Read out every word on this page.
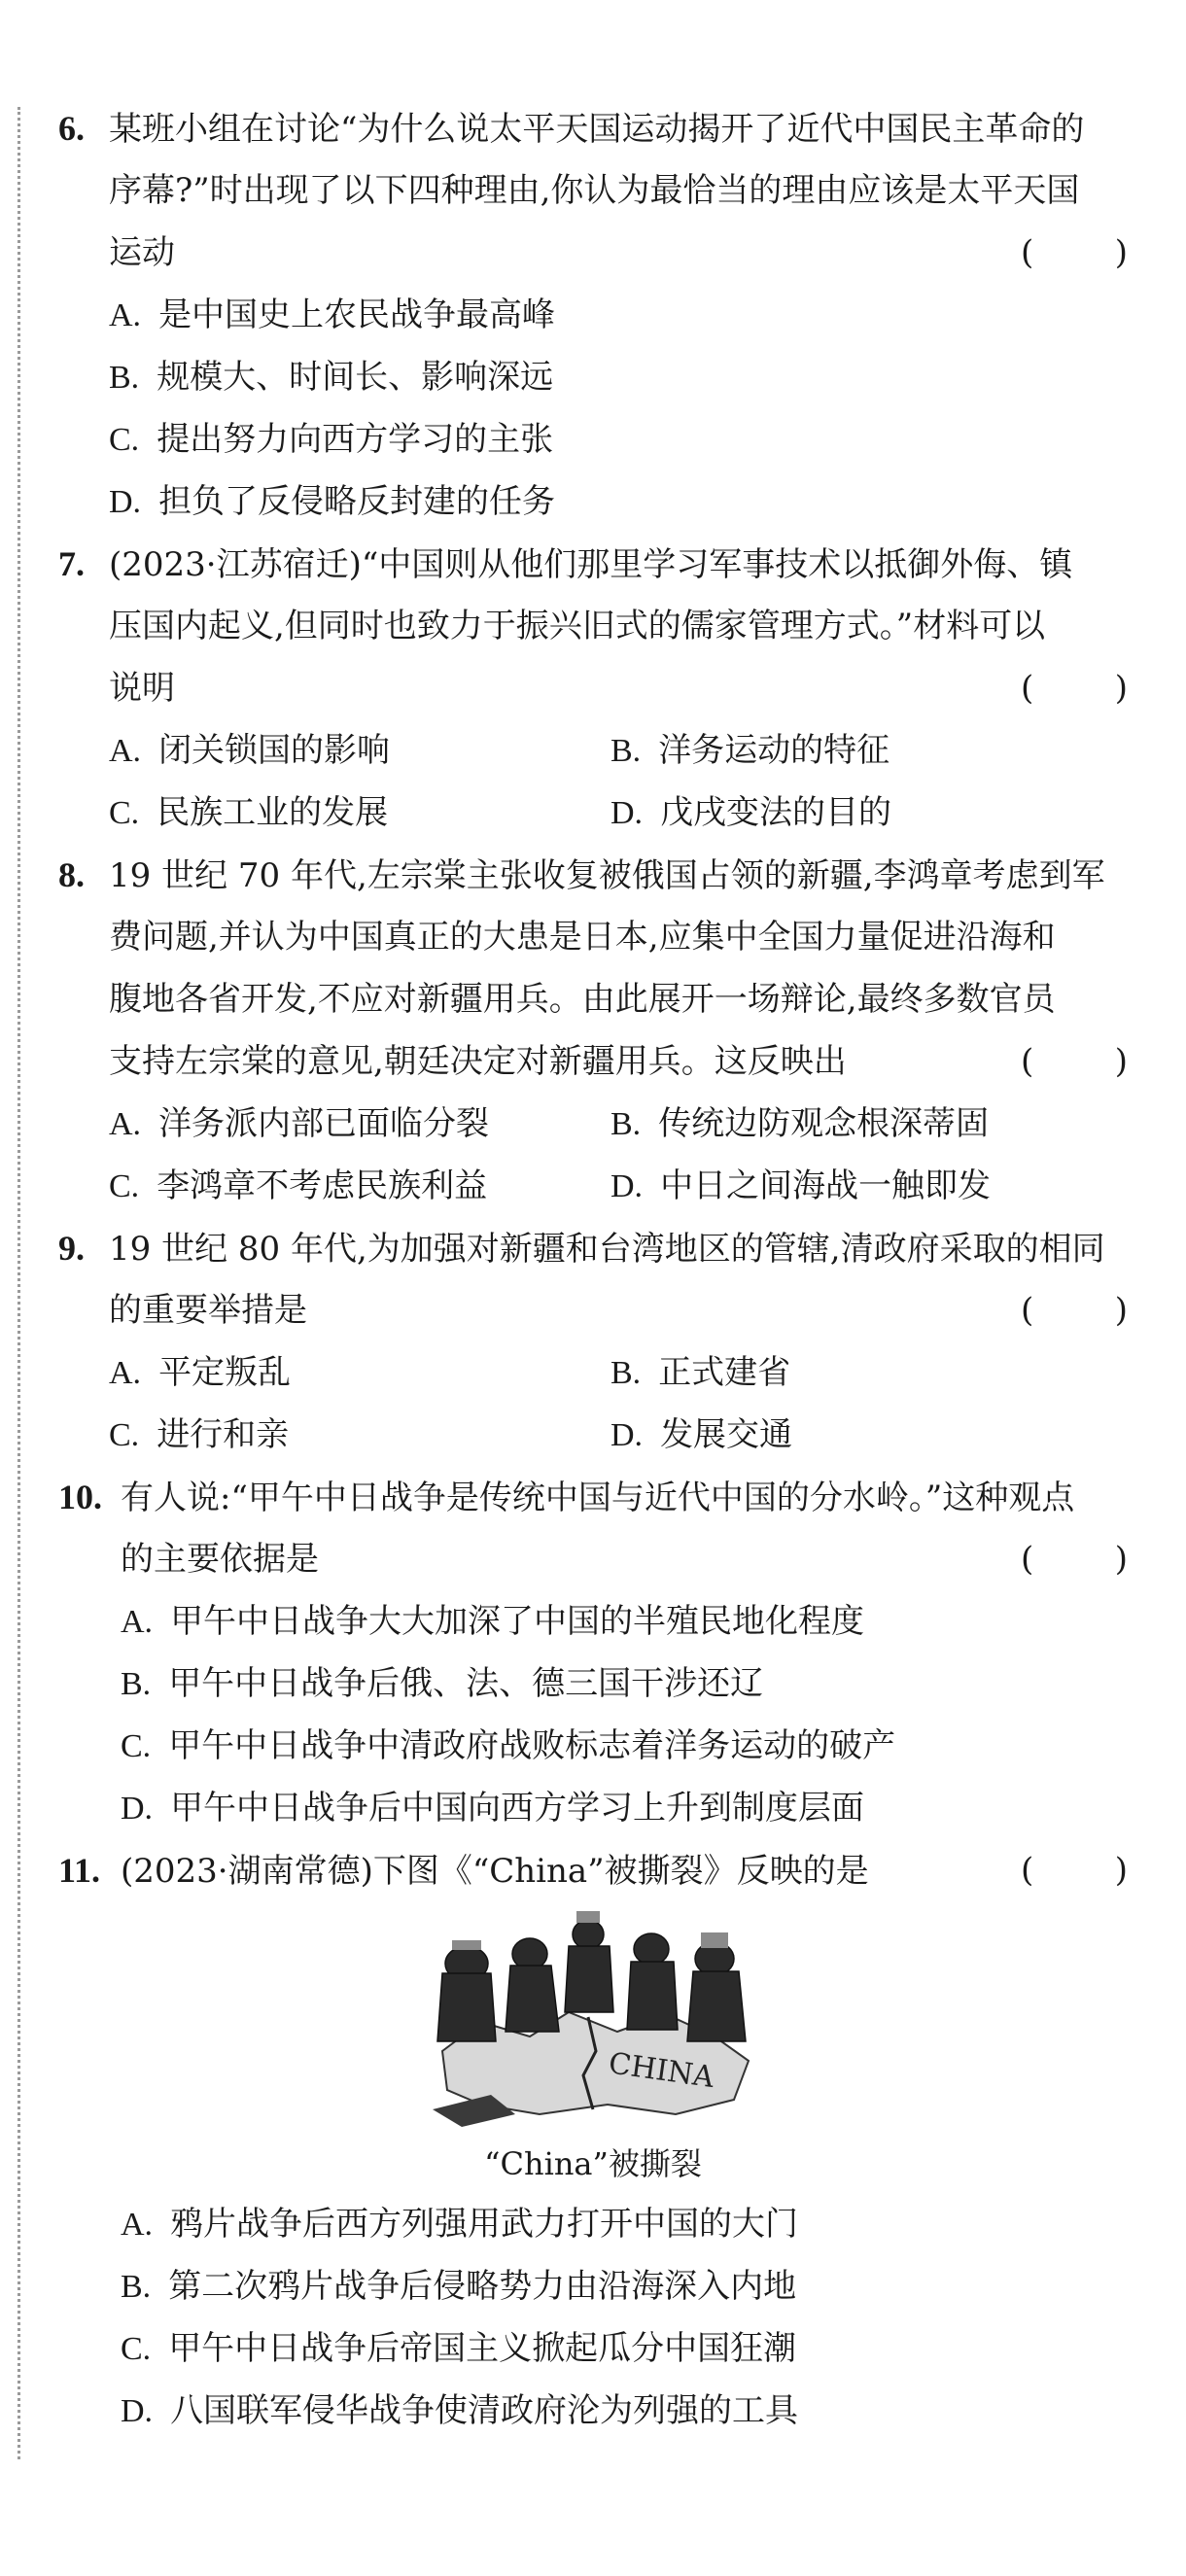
6. 某班小组在讨论“为什么说太平天国运动揭开了近代中国民主革命的
序幕?”时出现了以下四种理由,你认为最恰当的理由应该是太平天国
运动	( )
A. 是中国史上农民战争最高峰
B. 规模大、时间长、影响深远
C. 提出努力向西方学习的主张
D. 担负了反侵略反封建的任务
7. (2023·江苏宿迁)“中国则从他们那里学习军事技术以抵御外侮、镇
压国内起义,但同时也致力于振兴旧式的儒家管理方式。”材料可以
说明	( )
A. 闭关锁国的影响	B. 洋务运动的特征
C. 民族工业的发展	D. 戊戌变法的目的
8. 19 世纪 70 年代,左宗棠主张收复被俄国占领的新疆,李鸿章考虑到军
费问题,并认为中国真正的大患是日本,应集中全国力量促进沿海和
腹地各省开发,不应对新疆用兵。由此展开一场辩论,最终多数官员
支持左宗棠的意见,朝廷决定对新疆用兵。这反映出	( )
A. 洋务派内部已面临分裂	B. 传统边防观念根深蒂固
C. 李鸿章不考虑民族利益	D. 中日之间海战一触即发
9. 19 世纪 80 年代,为加强对新疆和台湾地区的管辖,清政府采取的相同
的重要举措是	( )
A. 平定叛乱	B. 正式建省
C. 进行和亲	D. 发展交通
10. 有人说:“甲午中日战争是传统中国与近代中国的分水岭。”这种观点
的主要依据是	( )
A. 甲午中日战争大大加深了中国的半殖民地化程度
B. 甲午中日战争后俄、法、德三国干涉还辽
C. 甲午中日战争中清政府战败标志着洋务运动的破产
D. 甲午中日战争后中国向西方学习上升到制度层面
11. (2023·湖南常德)下图《“China”被撕裂》反映的是	( )
CHINA
“China”被撕裂
A. 鸦片战争后西方列强用武力打开中国的大门
B. 第二次鸦片战争后侵略势力由沿海深入内地
C. 甲午中日战争后帝国主义掀起瓜分中国狂潮
D. 八国联军侵华战争使清政府沦为列强的工具
